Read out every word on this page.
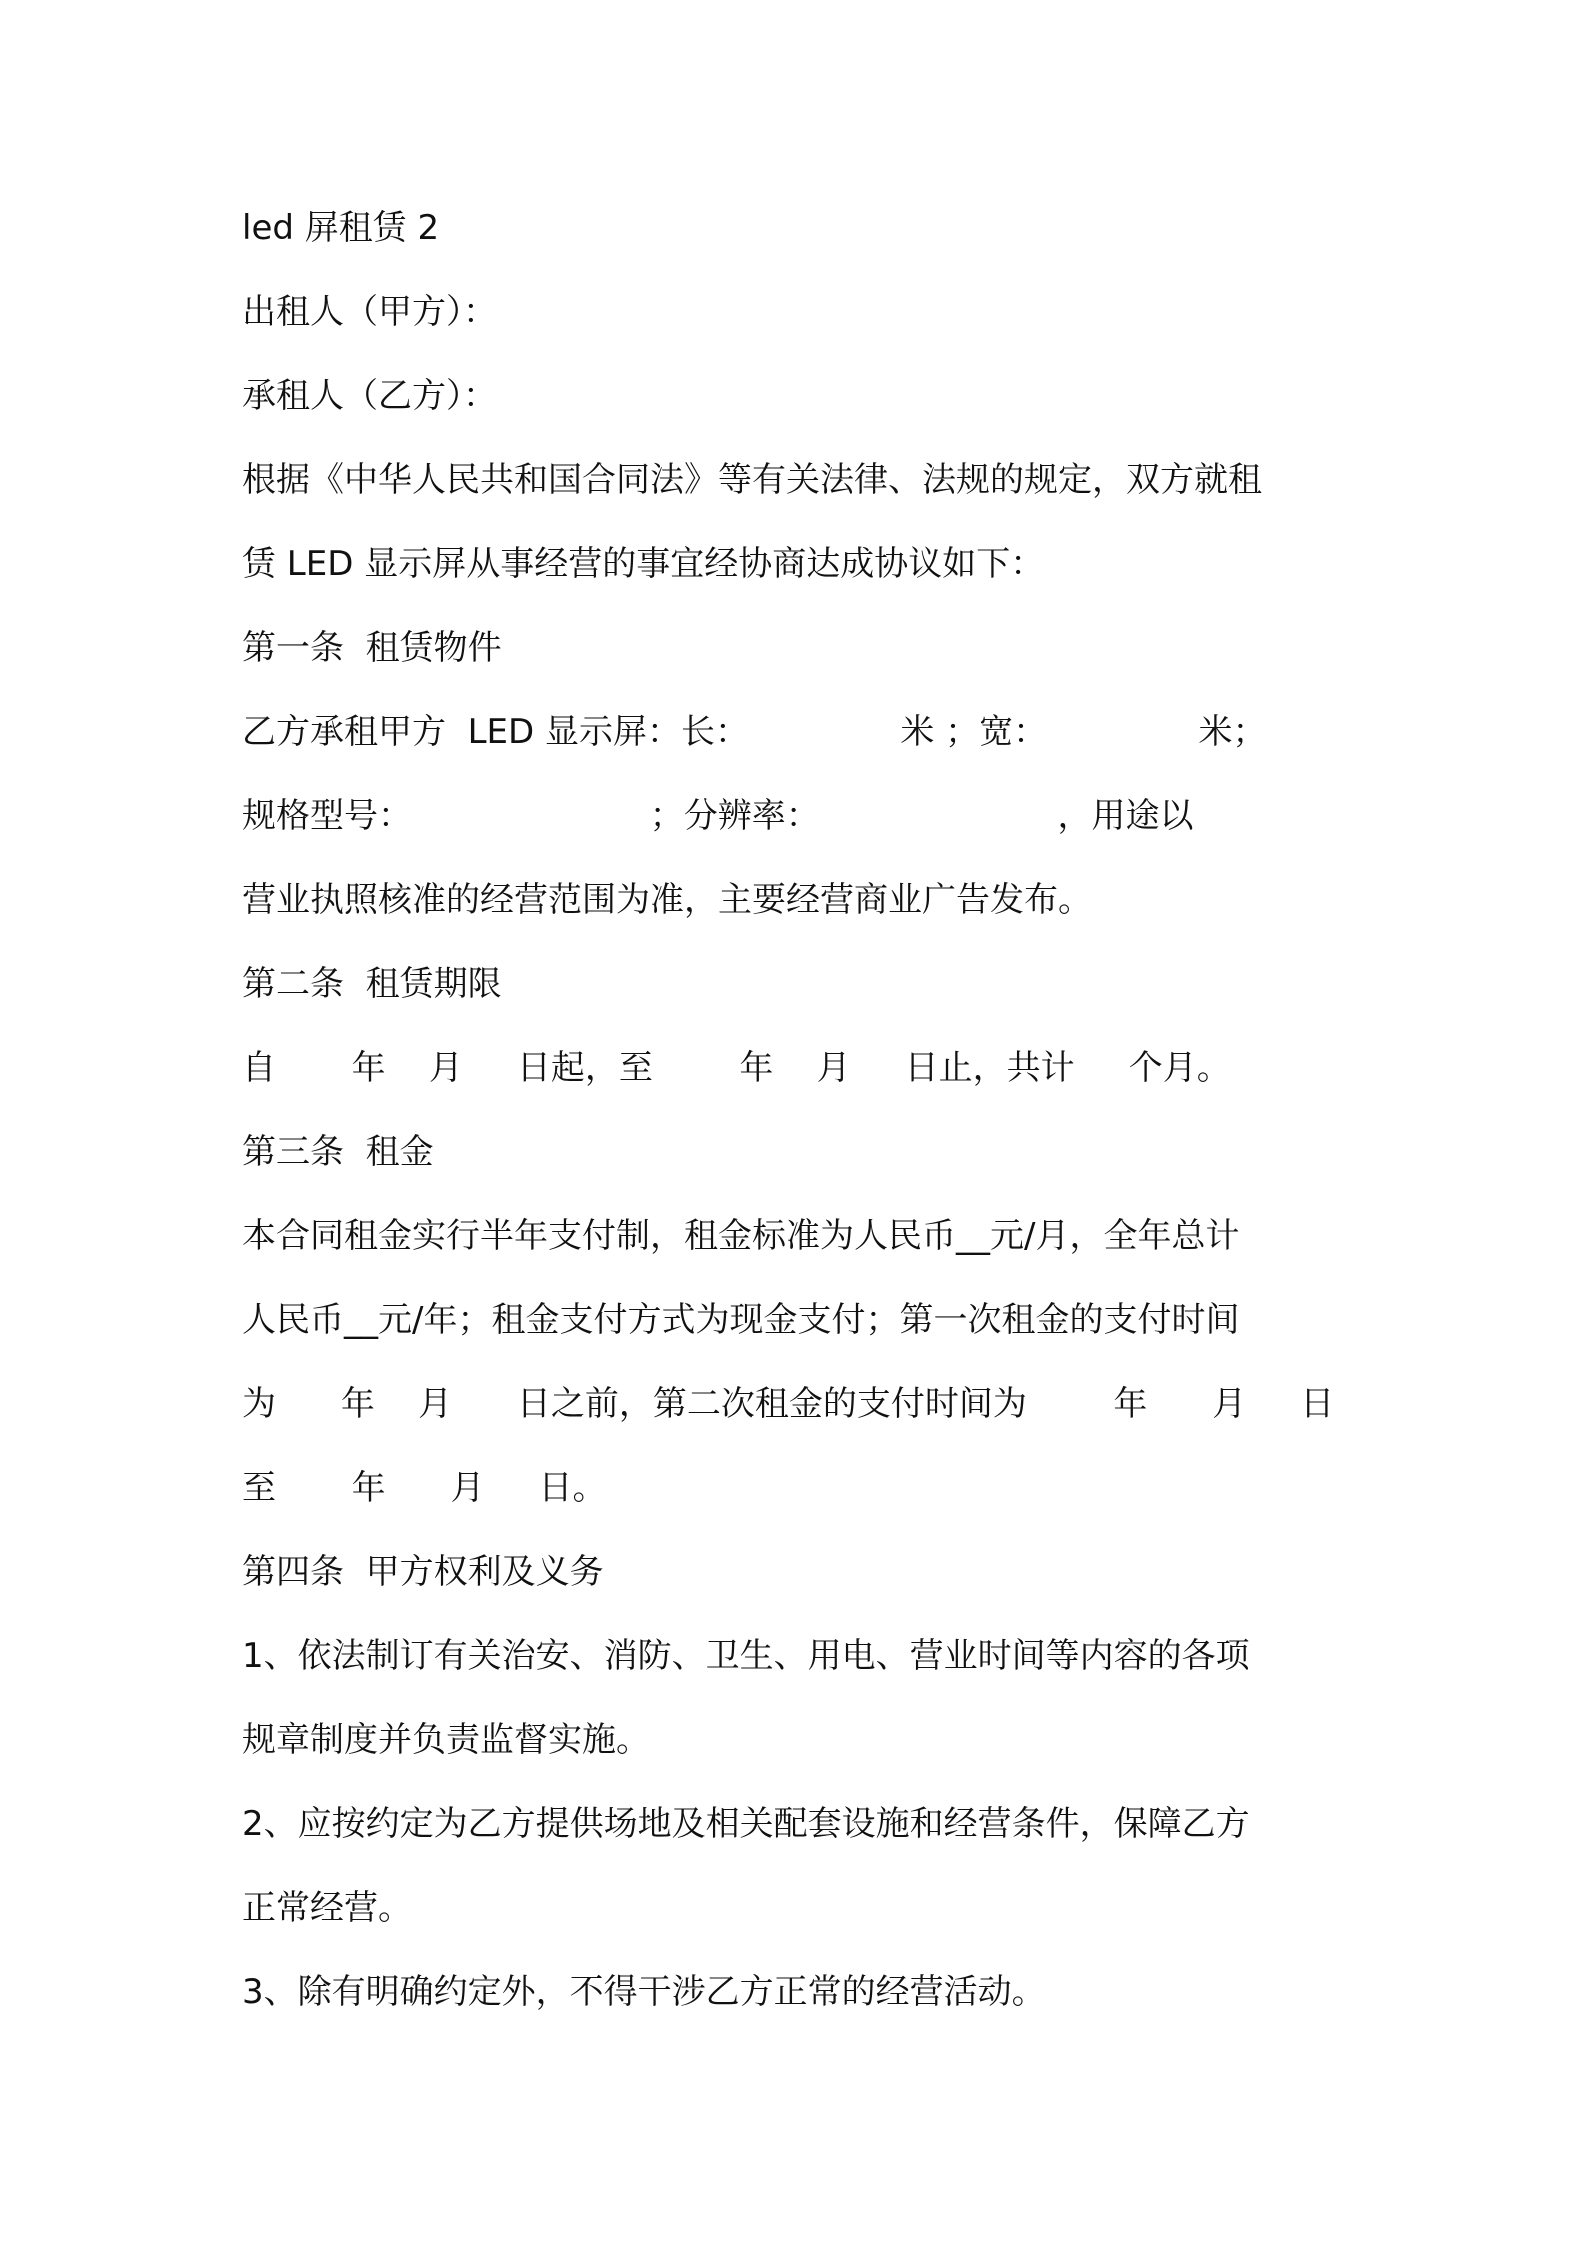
led 屏租赁 2
出租人（甲方）：
承租人（乙方）：
根据《中华人民共和国合同法》等有关法律、法规的规定，双方就租
赁 LED 显示屏从事经营的事宜经协商达成协议如下：
第一条  租赁物件
乙方承租甲方  LED 显示屏：长：              米 ；宽：              米；
规格型号：                      ；分辨率：                      ，用途以
营业执照核准的经营范围为准，主要经营商业广告发布。
第二条  租赁期限
自       年    月     日起，至        年    月     日止，共计     个月。
第三条  租金
本合同租金实行半年支付制，租金标准为人民币__元/月，全年总计
人民币__元/年；租金支付方式为现金支付；第一次租金的支付时间
为      年    月      日之前，第二次租金的支付时间为        年      月     日
至       年      月     日。
第四条  甲方权利及义务
1、依法制订有关治安、消防、卫生、用电、营业时间等内容的各项
规章制度并负责监督实施。
2、应按约定为乙方提供场地及相关配套设施和经营条件，保障乙方
正常经营。
3、除有明确约定外，不得干涉乙方正常的经营活动。
